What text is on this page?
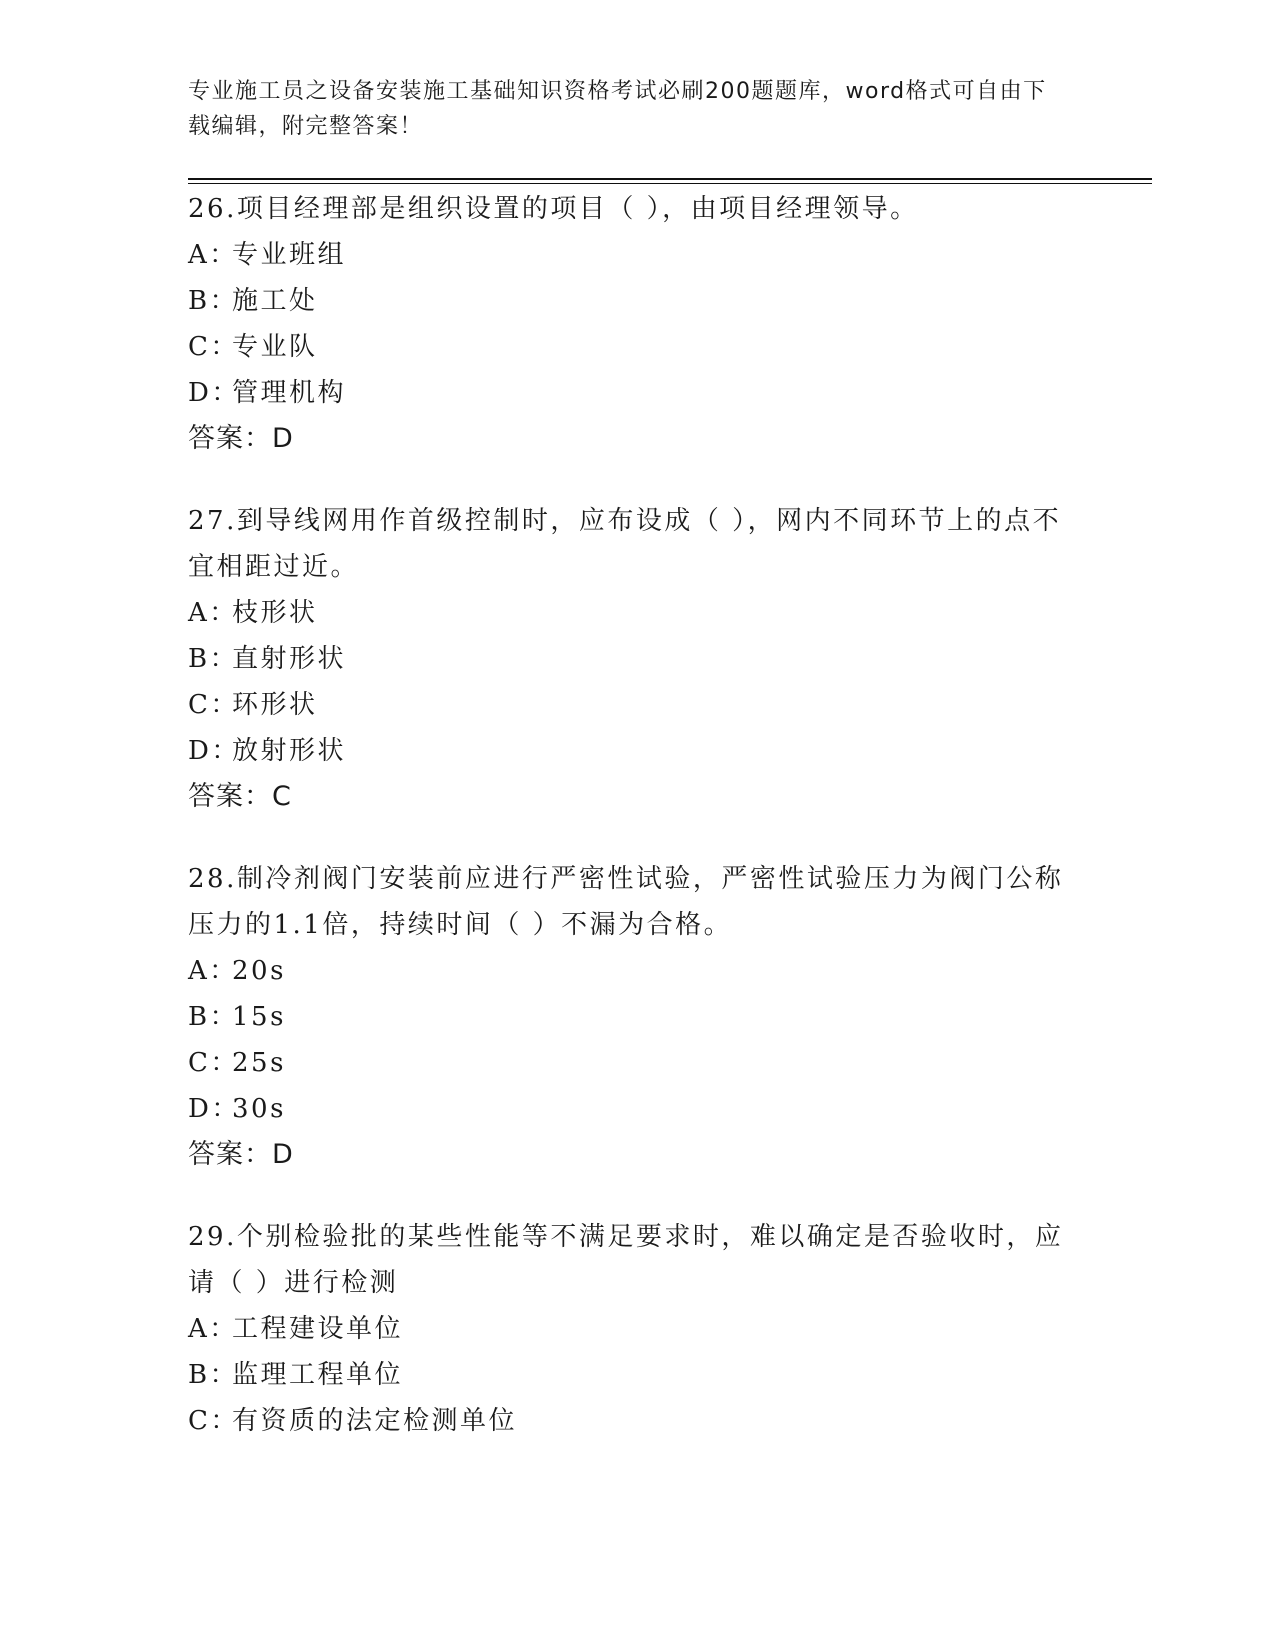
专业施工员之设备安装施工基础知识资格考试必刷200题题库，word格式可自由下载编辑，附完整答案！

26.项目经理部是组织设置的项目（ ），由项目经理领导。

A：专业班组
B：施工处
C：专业队
D：管理机构
答案：D

27.到导线网用作首级控制时，应布设成（ ），网内不同环节上的点不宜相距过近。

A：枝形状
B：直射形状
C：环形状
D：放射形状
答案：C

28.制冷剂阀门安装前应进行严密性试验，严密性试验压力为阀门公称压力的1.1倍，持续时间（ ）不漏为合格。

A：20s
B：15s
C：25s
D：30s
答案：D

29.个别检验批的某些性能等不满足要求时，难以确定是否验收时，应请（ ）进行检测

A：工程建设单位
B：监理工程单位
C：有资质的法定检测单位
